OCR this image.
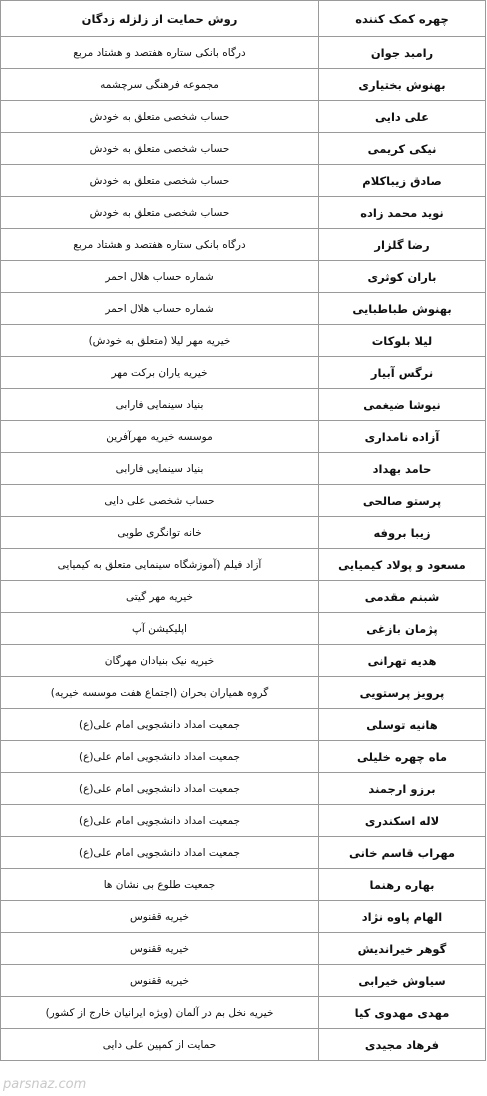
چهره کمک کننده	روش حمایت از زلزله زدگان
رامبد جوان	درگاه بانکی ستاره هفتصد و هشتاد مربع
بهنوش بختیاری	مجموعه فرهنگی سرچشمه
علی دایی	حساب شخصی متعلق به خودش
نیکی کریمی	حساب شخصی متعلق به خودش
صادق زیباکلام	حساب شخصی متعلق به خودش
نوید محمد زاده	حساب شخصی متعلق به خودش
رضا گلزار	درگاه بانکی ستاره هفتصد و هشتاد مربع
باران کوثری	شماره حساب هلال احمر
بهنوش طباطبایی	شماره حساب هلال احمر
لیلا بلوکات	خیریه مهر لیلا (متعلق به خودش)
نرگس آبیار	خیریه یاران برکت مهر
نیوشا ضیغمی	بنیاد سینمایی فارابی
آزاده نامداری	موسسه خیریه مهرآفرین
حامد بهداد	بنیاد سینمایی فارابی
پرستو صالحی	حساب شخصی علی دایی
زیبا بروفه	خانه توانگری طوبی
مسعود و پولاد کیمیایی	آزاد فیلم (آموزشگاه سینمایی متعلق به کیمیایی
شبنم مقدمی	خیریه مهر گیتی
پژمان بازغی	اپلیکیشن آپ
هدیه تهرانی	خیریه نیک بنیادان مهرگان
پرویز پرستویی	گروه همیاران بحران (اجتماع هفت موسسه خیریه)
هانیه توسلی	جمعیت امداد دانشجویی امام علی(ع)
ماه چهره خلیلی	جمعیت امداد دانشجویی امام علی(ع)
برزو ارجمند	جمعیت امداد دانشجویی امام علی(ع)
لاله اسکندری	جمعیت امداد دانشجویی امام علی(ع)
مهراب قاسم خانی	جمعیت امداد دانشجویی امام علی(ع)
بهاره رهنما	جمعیت طلوع بی نشان ها
الهام پاوه نژاد	خیریه ققنوس
گوهر خیراندیش	خیریه ققنوس
سیاوش خیرابی	خیریه ققنوس
مهدی مهدوی کیا	خیریه نخل بم در آلمان (ویژه ایرانیان خارج از کشور)
فرهاد مجیدی	حمایت از کمپین علی دایی
parsnaz.com
